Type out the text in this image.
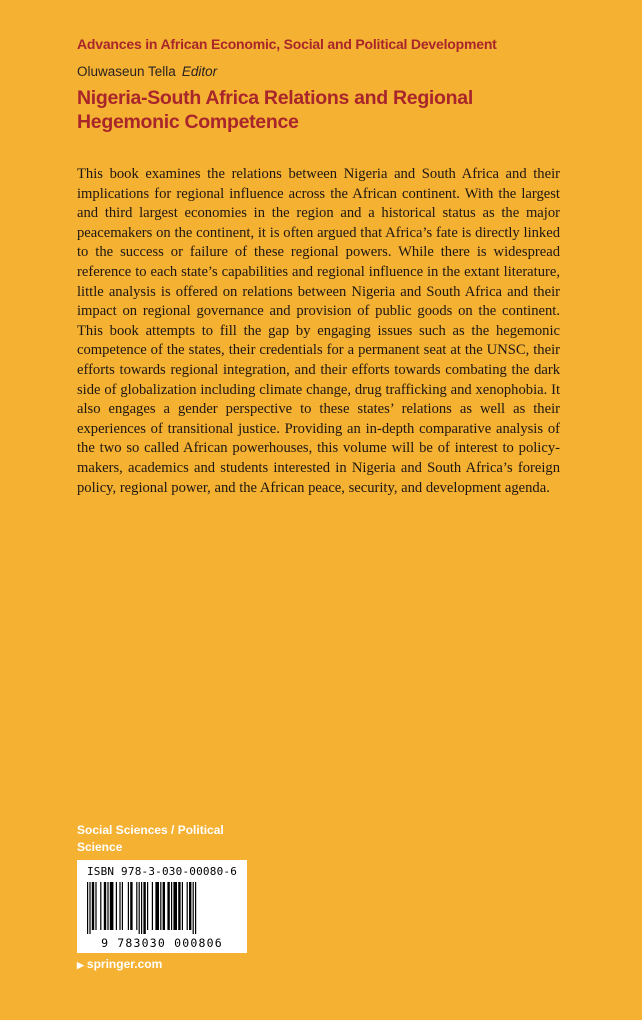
Advances in African Economic, Social and Political Development
Oluwaseun Tella Editor
Nigeria-South Africa Relations and Regional Hegemonic Competence

This book examines the relations between Nigeria and South Africa and their implications for regional influence across the African continent. With the largest and third largest economies in the region and a historical status as the major peacemakers on the continent, it is often argued that Africa’s fate is directly linked to the success or failure of these regional powers. While there is widespread reference to each state’s capabilities and regional influence in the extant literature, little analysis is offered on relations between Nigeria and South Africa and their impact on regional governance and provision of public goods on the continent. This book attempts to fill the gap by engaging issues such as the hegemonic competence of the states, their credentials for a permanent seat at the UNSC, their efforts towards regional integration, and their efforts towards combating the dark side of globalization including climate change, drug trafficking and xenophobia. It also engages a gender perspective to these states’ relations as well as their experiences of transitional justice. Providing an in-depth comparative analysis of the two so called African powerhouses, this volume will be of interest to policy-makers, academics and students interested in Nigeria and South Africa’s foreign policy, regional power, and the African peace, security, and development agenda.

Social Sciences / Political Science
ISBN 978-3-030-00080-6
9 783030 000806
▶ springer.com
